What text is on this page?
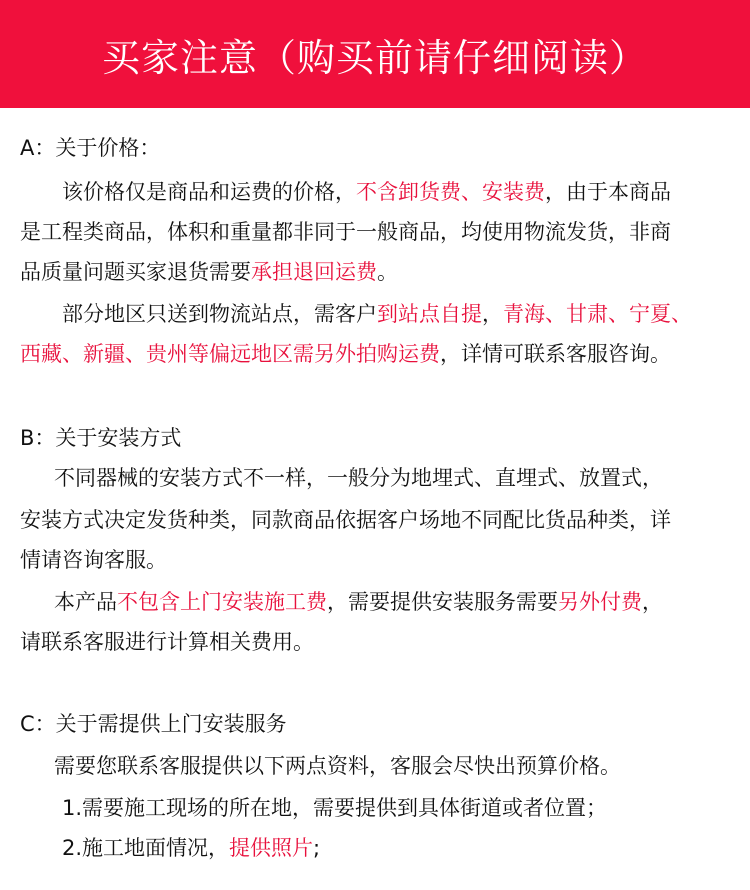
买家注意（购买前请仔细阅读）
A：关于价格：
该价格仅是商品和运费的价格，不含卸货费、安装费，由于本商品
是工程类商品，体积和重量都非同于一般商品，均使用物流发货，非商
品质量问题买家退货需要承担退回运费。
部分地区只送到物流站点，需客户到站点自提，青海、甘肃、宁夏、
西藏、新疆、贵州等偏远地区需另外拍购运费，详情可联系客服咨询。
B：关于安装方式
不同器械的安装方式不一样，一般分为地埋式、直埋式、放置式，
安装方式决定发货种类，同款商品依据客户场地不同配比货品种类，详
情请咨询客服。
本产品不包含上门安装施工费，需要提供安装服务需要另外付费，
请联系客服进行计算相关费用。
C：关于需提供上门安装服务
需要您联系客服提供以下两点资料，客服会尽快出预算价格。
1.需要施工现场的所在地，需要提供到具体街道或者位置；
2.施工地面情况，提供照片;
